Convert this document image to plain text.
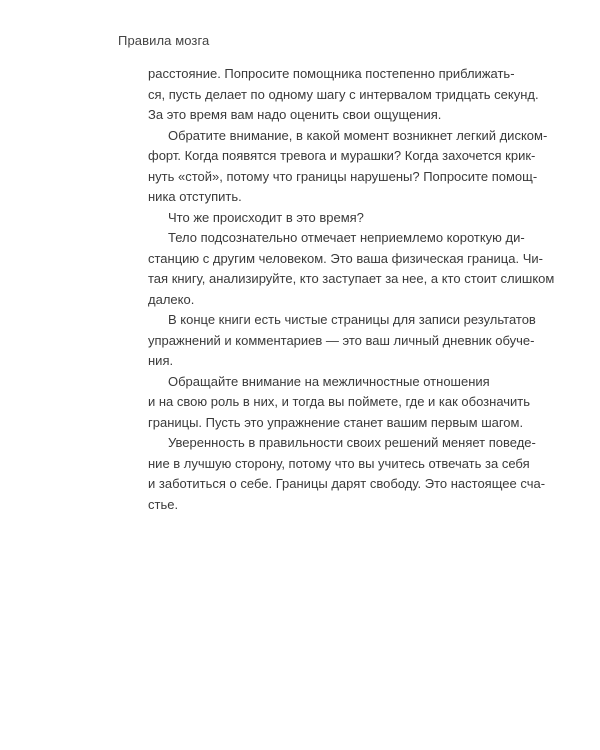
Правила мозга
расстояние. Попросите помощника постепенно приближать-
ся, пусть делает по одному шагу с интервалом тридцать секунд.
За это время вам надо оценить свои ощущения.
Обратите внимание, в какой момент возникнет легкий диском-
форт. Когда появятся тревога и мурашки? Когда захочется крик-
нуть «стой», потому что границы нарушены? Попросите помощ-
ника отступить.
Что же происходит в это время?
Тело подсознательно отмечает неприемлемо короткую ди-
станцию с другим человеком. Это ваша физическая граница. Чи-
тая книгу, анализируйте, кто заступает за нее, а кто стоит слишком
далеко.
В конце книги есть чистые страницы для записи результатов
упражнений и комментариев — это ваш личный дневник обуче-
ния.
Обращайте внимание на межличностные отношения
и на свою роль в них, и тогда вы поймете, где и как обозначить
границы. Пусть это упражнение станет вашим первым шагом.
Уверенность в правильности своих решений меняет поведе-
ние в лучшую сторону, потому что вы учитесь отвечать за себя
и заботиться о себе. Границы дарят свободу. Это настоящее сча-
стье.
